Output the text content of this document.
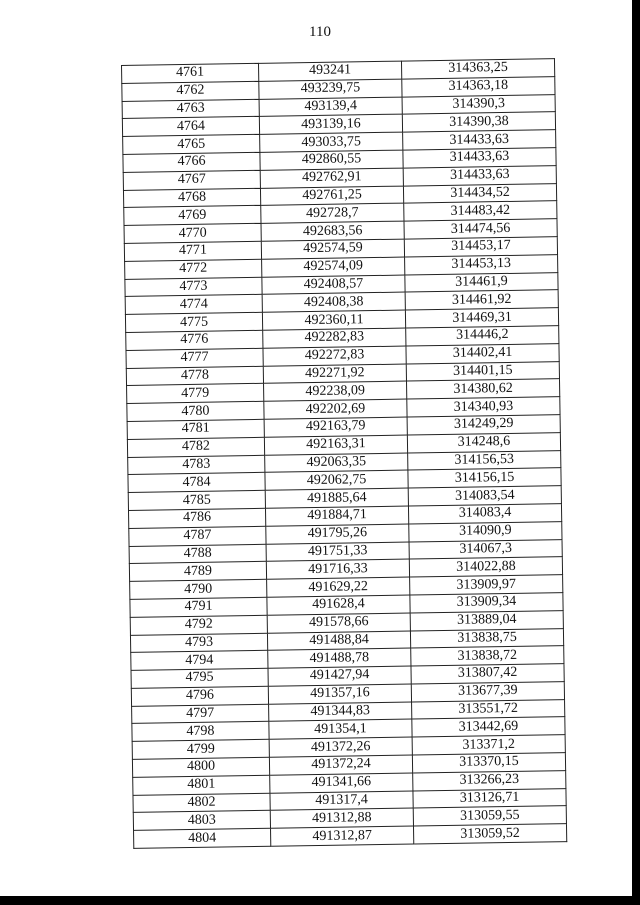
110
4761	493241	314363,25
4762	493239,75	314363,18
4763	493139,4	314390,3
4764	493139,16	314390,38
4765	493033,75	314433,63
4766	492860,55	314433,63
4767	492762,91	314433,63
4768	492761,25	314434,52
4769	492728,7	314483,42
4770	492683,56	314474,56
4771	492574,59	314453,17
4772	492574,09	314453,13
4773	492408,57	314461,9
4774	492408,38	314461,92
4775	492360,11	314469,31
4776	492282,83	314446,2
4777	492272,83	314402,41
4778	492271,92	314401,15
4779	492238,09	314380,62
4780	492202,69	314340,93
4781	492163,79	314249,29
4782	492163,31	314248,6
4783	492063,35	314156,53
4784	492062,75	314156,15
4785	491885,64	314083,54
4786	491884,71	314083,4
4787	491795,26	314090,9
4788	491751,33	314067,3
4789	491716,33	314022,88
4790	491629,22	313909,97
4791	491628,4	313909,34
4792	491578,66	313889,04
4793	491488,84	313838,75
4794	491488,78	313838,72
4795	491427,94	313807,42
4796	491357,16	313677,39
4797	491344,83	313551,72
4798	491354,1	313442,69
4799	491372,26	313371,2
4800	491372,24	313370,15
4801	491341,66	313266,23
4802	491317,4	313126,71
4803	491312,88	313059,55
4804	491312,87	313059,52
